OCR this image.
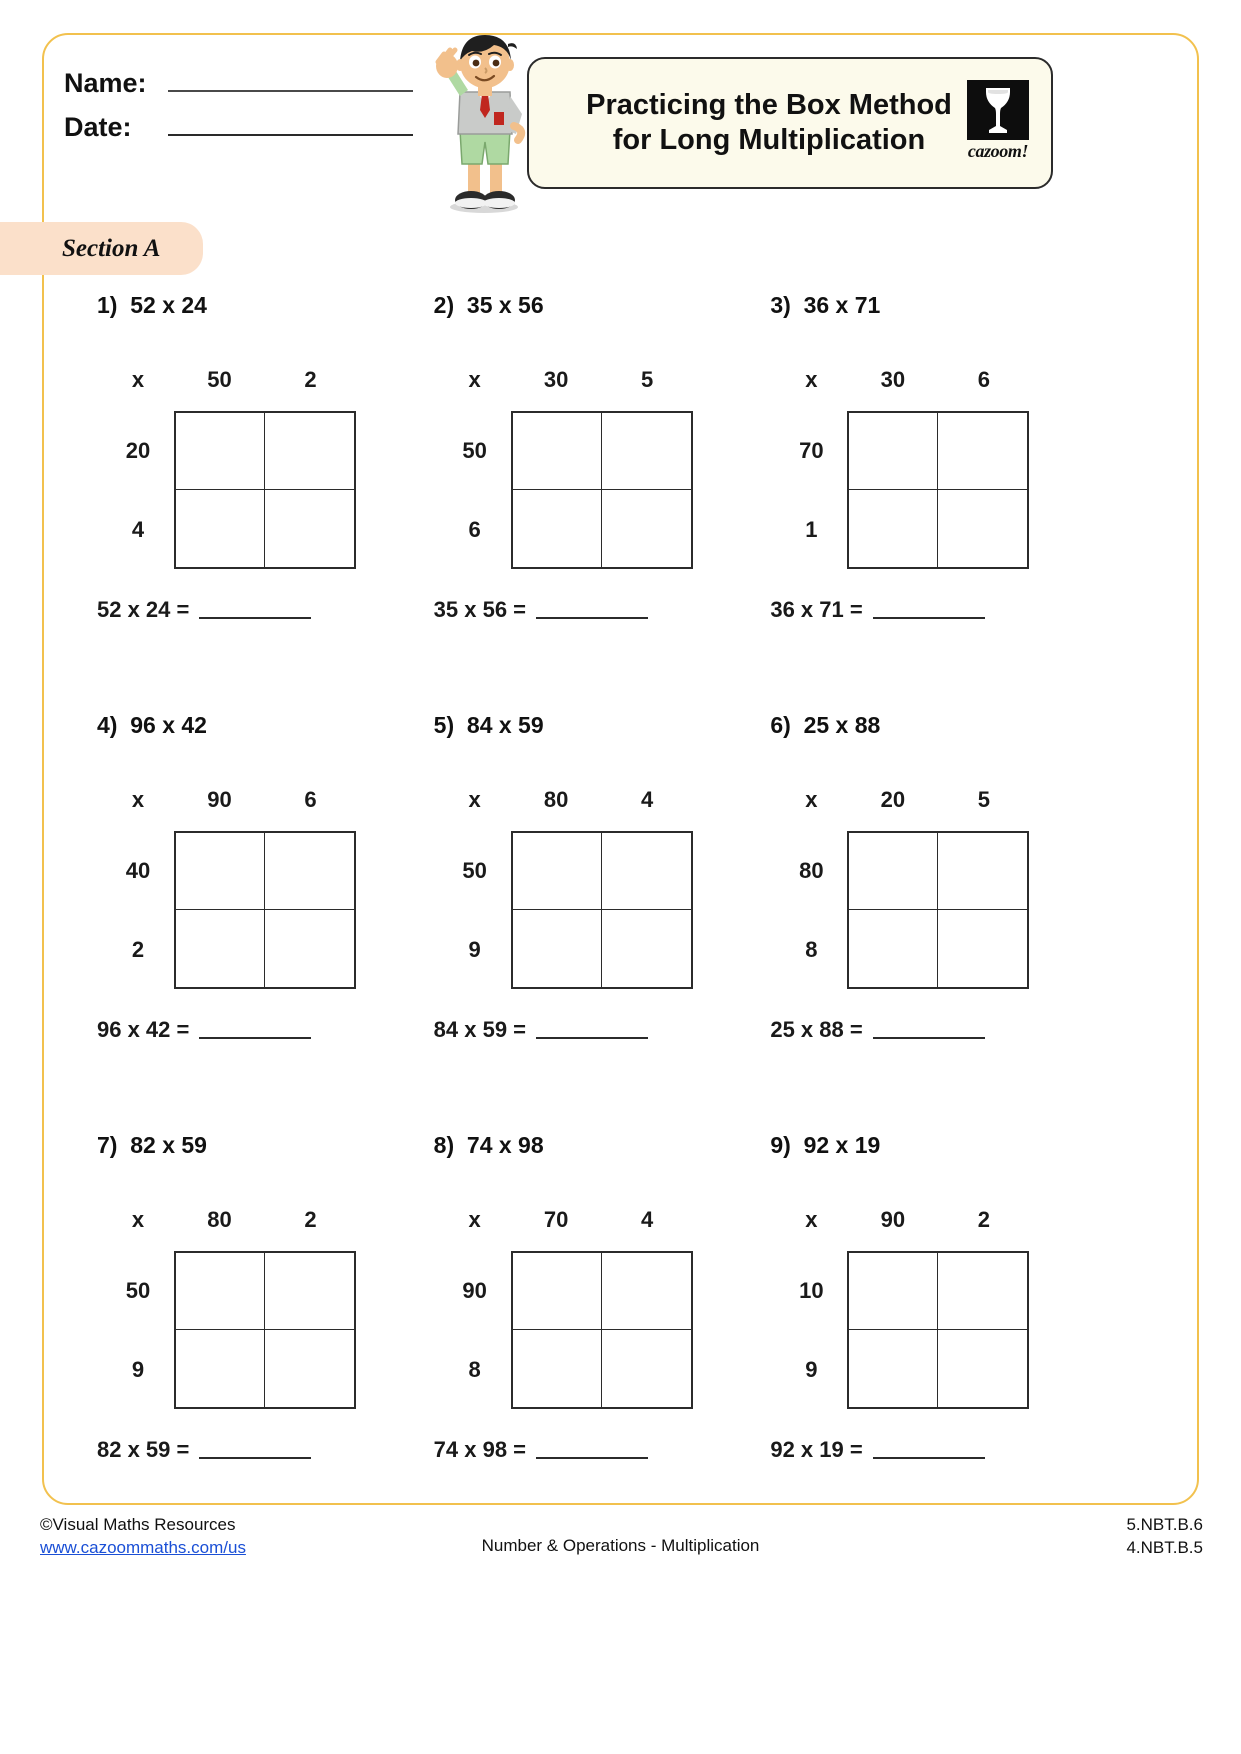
Name:
Date:
Practicing the Box Method for Long Multiplication	cazoom!
Section A
1)  52 x 24
x	50	2
20
4
52 x 24 =
2)  35 x 56
x	30	5
50
6
35 x 56 =
3)  36 x 71
x	30	6
70
1
36 x 71 =
4)  96 x 42
x	90	6
40
2
96 x 42 =
5)  84 x 59
x	80	4
50
9
84 x 59 =
6)  25 x 88
x	20	5
80
8
25 x 88 =
7)  82 x 59
x	80	2
50
9
82 x 59 =
8)  74 x 98
x	70	4
90
8
74 x 98 =
9)  92 x 19
x	90	2
10
9
92 x 19 =
©Visual Maths Resources
www.cazoommaths.com/us	Number & Operations - Multiplication
5.NBT.B.6
4.NBT.B.5
